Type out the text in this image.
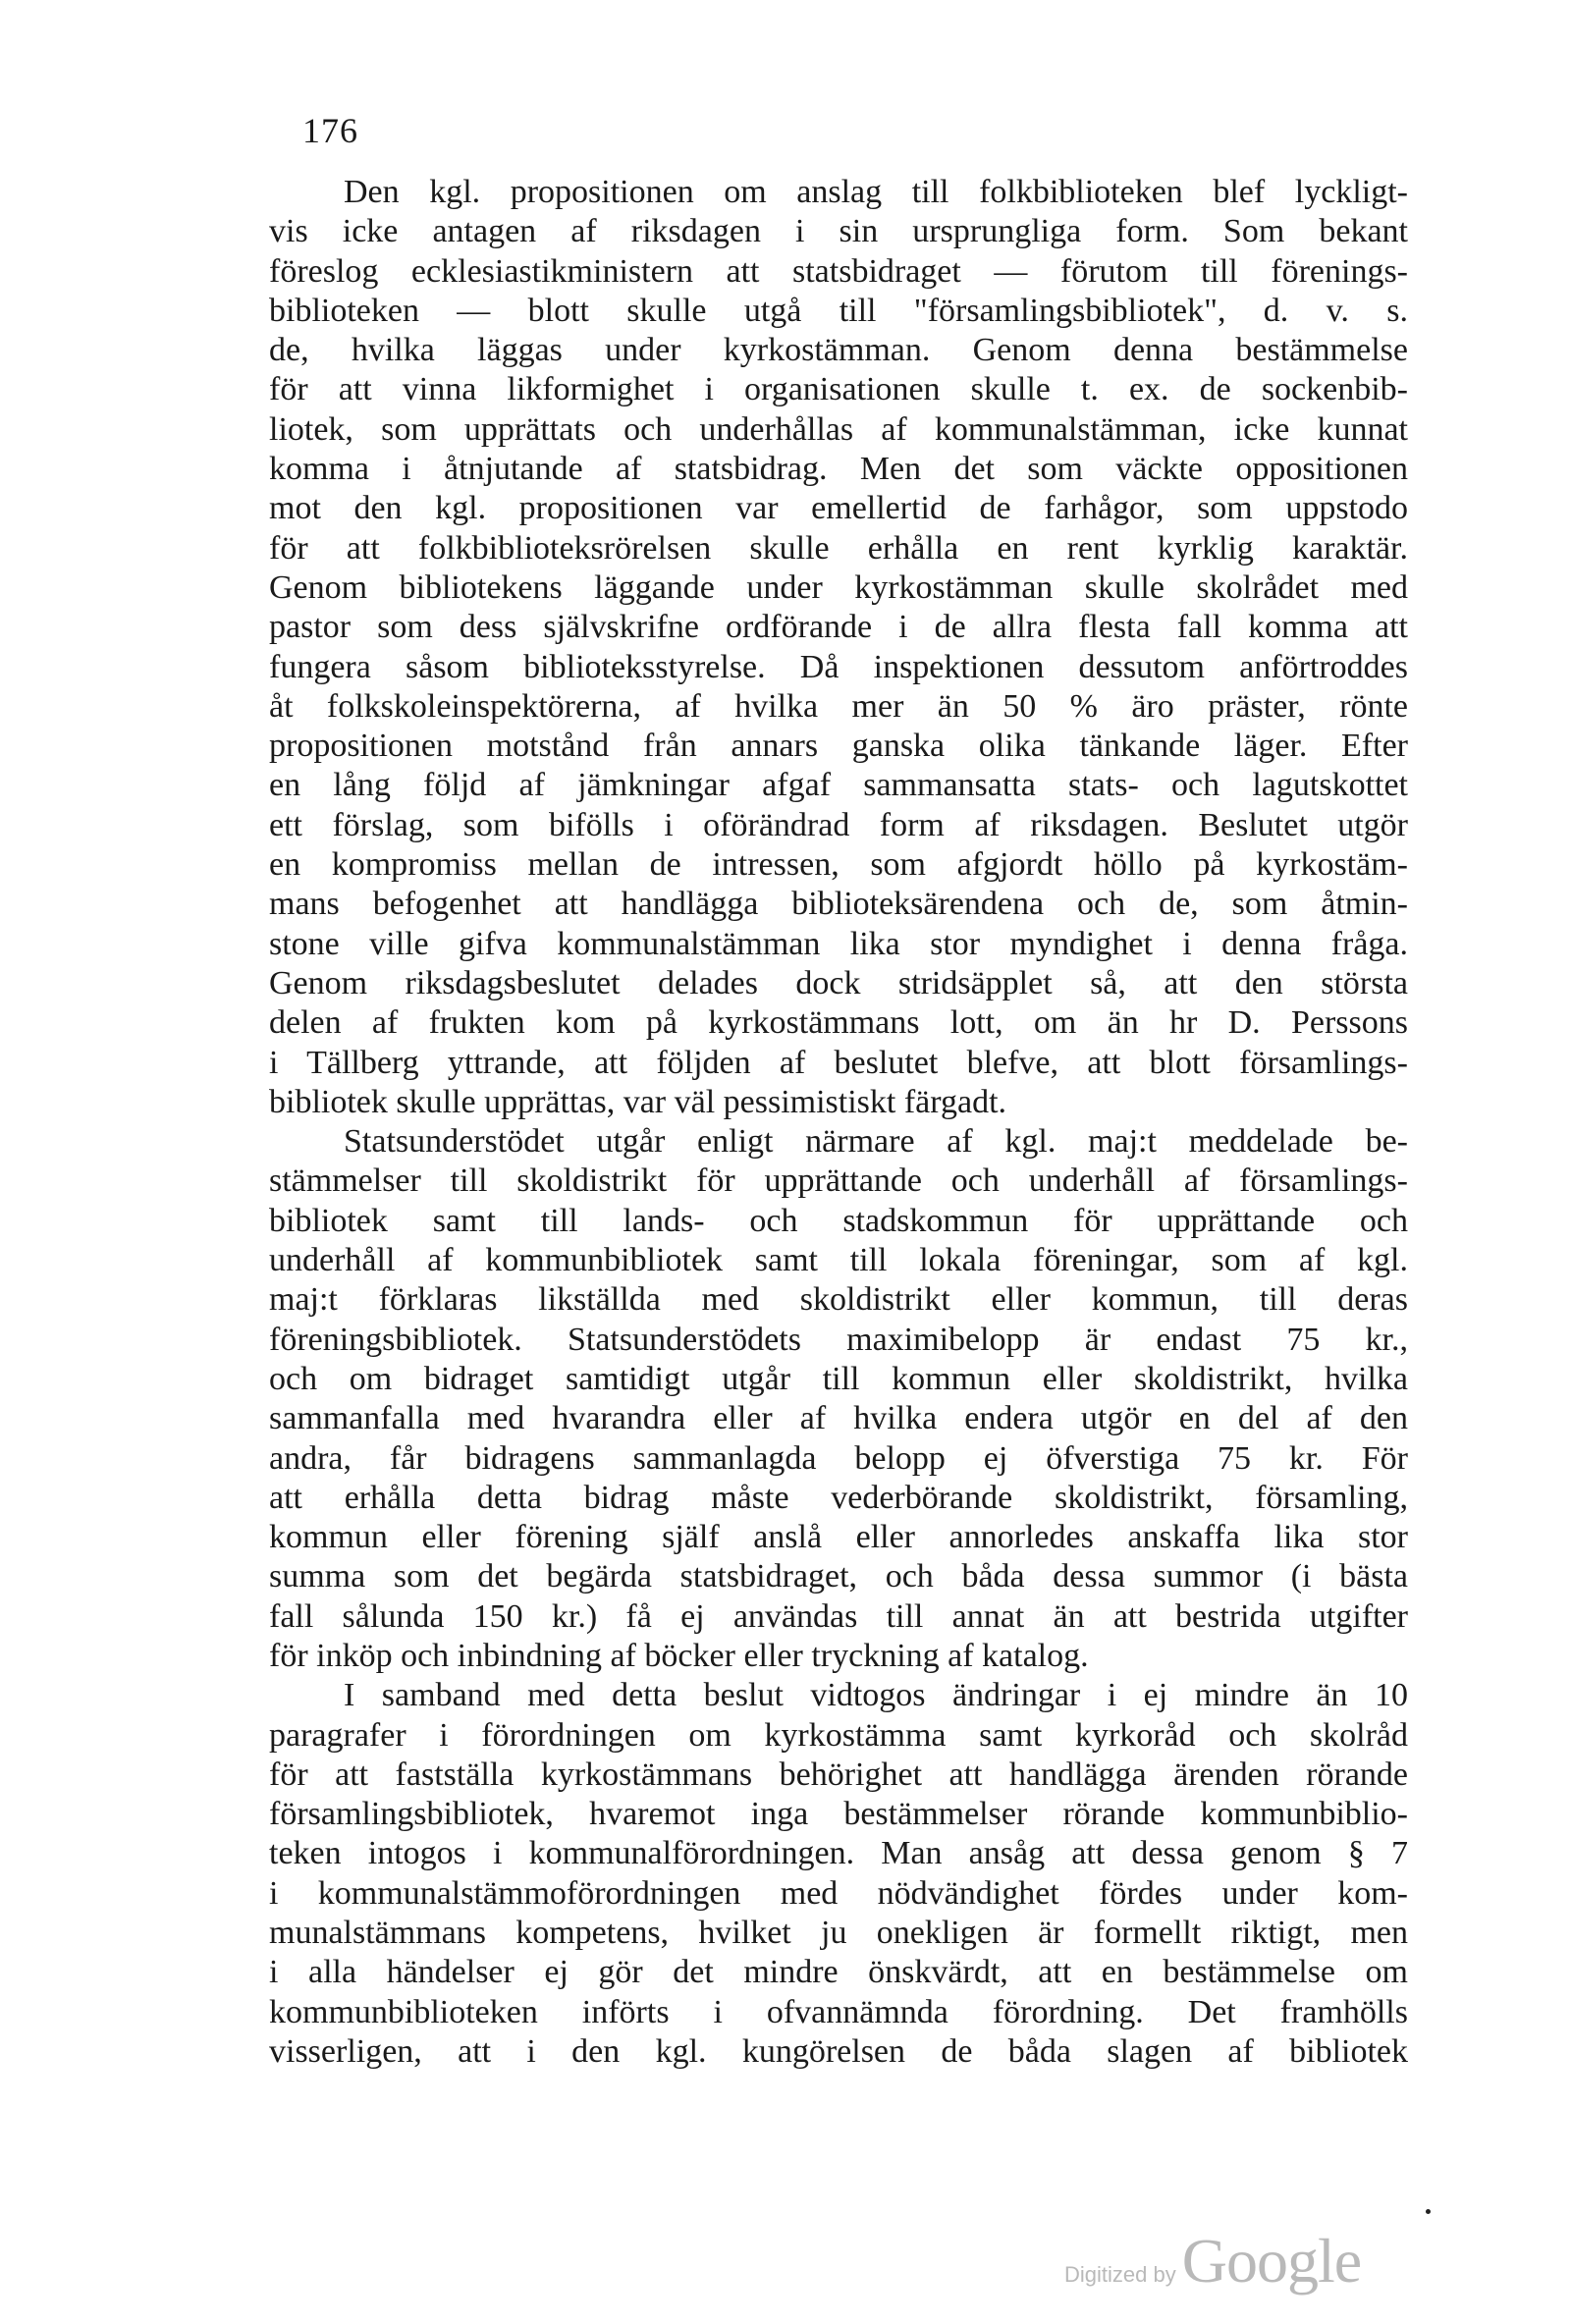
176
Den kgl. propositionen om anslag till folkbiblioteken blef lyckligt-
vis icke antagen af riksdagen i sin ursprungliga form. Som bekant
föreslog ecklesiastikministern att statsbidraget — förutom till förenings-
biblioteken — blott skulle utgå till "församlingsbibliotek", d. v. s.
de, hvilka läggas under kyrkostämman. Genom denna bestämmelse
för att vinna likformighet i organisationen skulle t. ex. de sockenbib-
liotek, som upprättats och underhållas af kommunalstämman, icke kunnat
komma i åtnjutande af statsbidrag. Men det som väckte oppositionen
mot den kgl. propositionen var emellertid de farhågor, som uppstodo
för att folkbiblioteksrörelsen skulle erhålla en rent kyrklig karaktär.
Genom bibliotekens läggande under kyrkostämman skulle skolrådet med
pastor som dess självskrifne ordförande i de allra flesta fall komma att
fungera såsom biblioteksstyrelse. Då inspektionen dessutom anförtroddes
åt folkskoleinspektörerna, af hvilka mer än 50 % äro präster, rönte
propositionen motstånd från annars ganska olika tänkande läger. Efter
en lång följd af jämkningar afgaf sammansatta stats- och lagutskottet
ett förslag, som bifölls i oförändrad form af riksdagen. Beslutet utgör
en kompromiss mellan de intressen, som afgjordt höllo på kyrkostäm-
mans befogenhet att handlägga biblioteksärendena och de, som åtmin-
stone ville gifva kommunalstämman lika stor myndighet i denna fråga.
Genom riksdagsbeslutet delades dock stridsäpplet så, att den största
delen af frukten kom på kyrkostämmans lott, om än hr D. Perssons
i Tällberg yttrande, att följden af beslutet blefve, att blott församlings-
bibliotek skulle upprättas, var väl pessimistiskt färgadt.
Statsunderstödet utgår enligt närmare af kgl. maj:t meddelade be-
stämmelser till skoldistrikt för upprättande och underhåll af församlings-
bibliotek samt till lands- och stadskommun för upprättande och
underhåll af kommunbibliotek samt till lokala föreningar, som af kgl.
maj:t förklaras likställda med skoldistrikt eller kommun, till deras
föreningsbibliotek. Statsunderstödets maximibelopp är endast 75 kr.,
och om bidraget samtidigt utgår till kommun eller skoldistrikt, hvilka
sammanfalla med hvarandra eller af hvilka endera utgör en del af den
andra, får bidragens sammanlagda belopp ej öfverstiga 75 kr. För
att erhålla detta bidrag måste vederbörande skoldistrikt, församling,
kommun eller förening själf anslå eller annorledes anskaffa lika stor
summa som det begärda statsbidraget, och båda dessa summor (i bästa
fall sålunda 150 kr.) få ej användas till annat än att bestrida utgifter
för inköp och inbindning af böcker eller tryckning af katalog.
I samband med detta beslut vidtogos ändringar i ej mindre än 10
paragrafer i förordningen om kyrkostämma samt kyrkoråd och skolråd
för att fastställa kyrkostämmans behörighet att handlägga ärenden rörande
församlingsbibliotek, hvaremot inga bestämmelser rörande kommunbiblio-
teken intogos i kommunalförordningen. Man ansåg att dessa genom § 7
i kommunalstämmoförordningen med nödvändighet fördes under kom-
munalstämmans kompetens, hvilket ju onekligen är formellt riktigt, men
i alla händelser ej gör det mindre önskvärdt, att en bestämmelse om
kommunbiblioteken införts i ofvannämnda förordning. Det framhölls
visserligen, att i den kgl. kungörelsen de båda slagen af bibliotek
Digitized by Google
